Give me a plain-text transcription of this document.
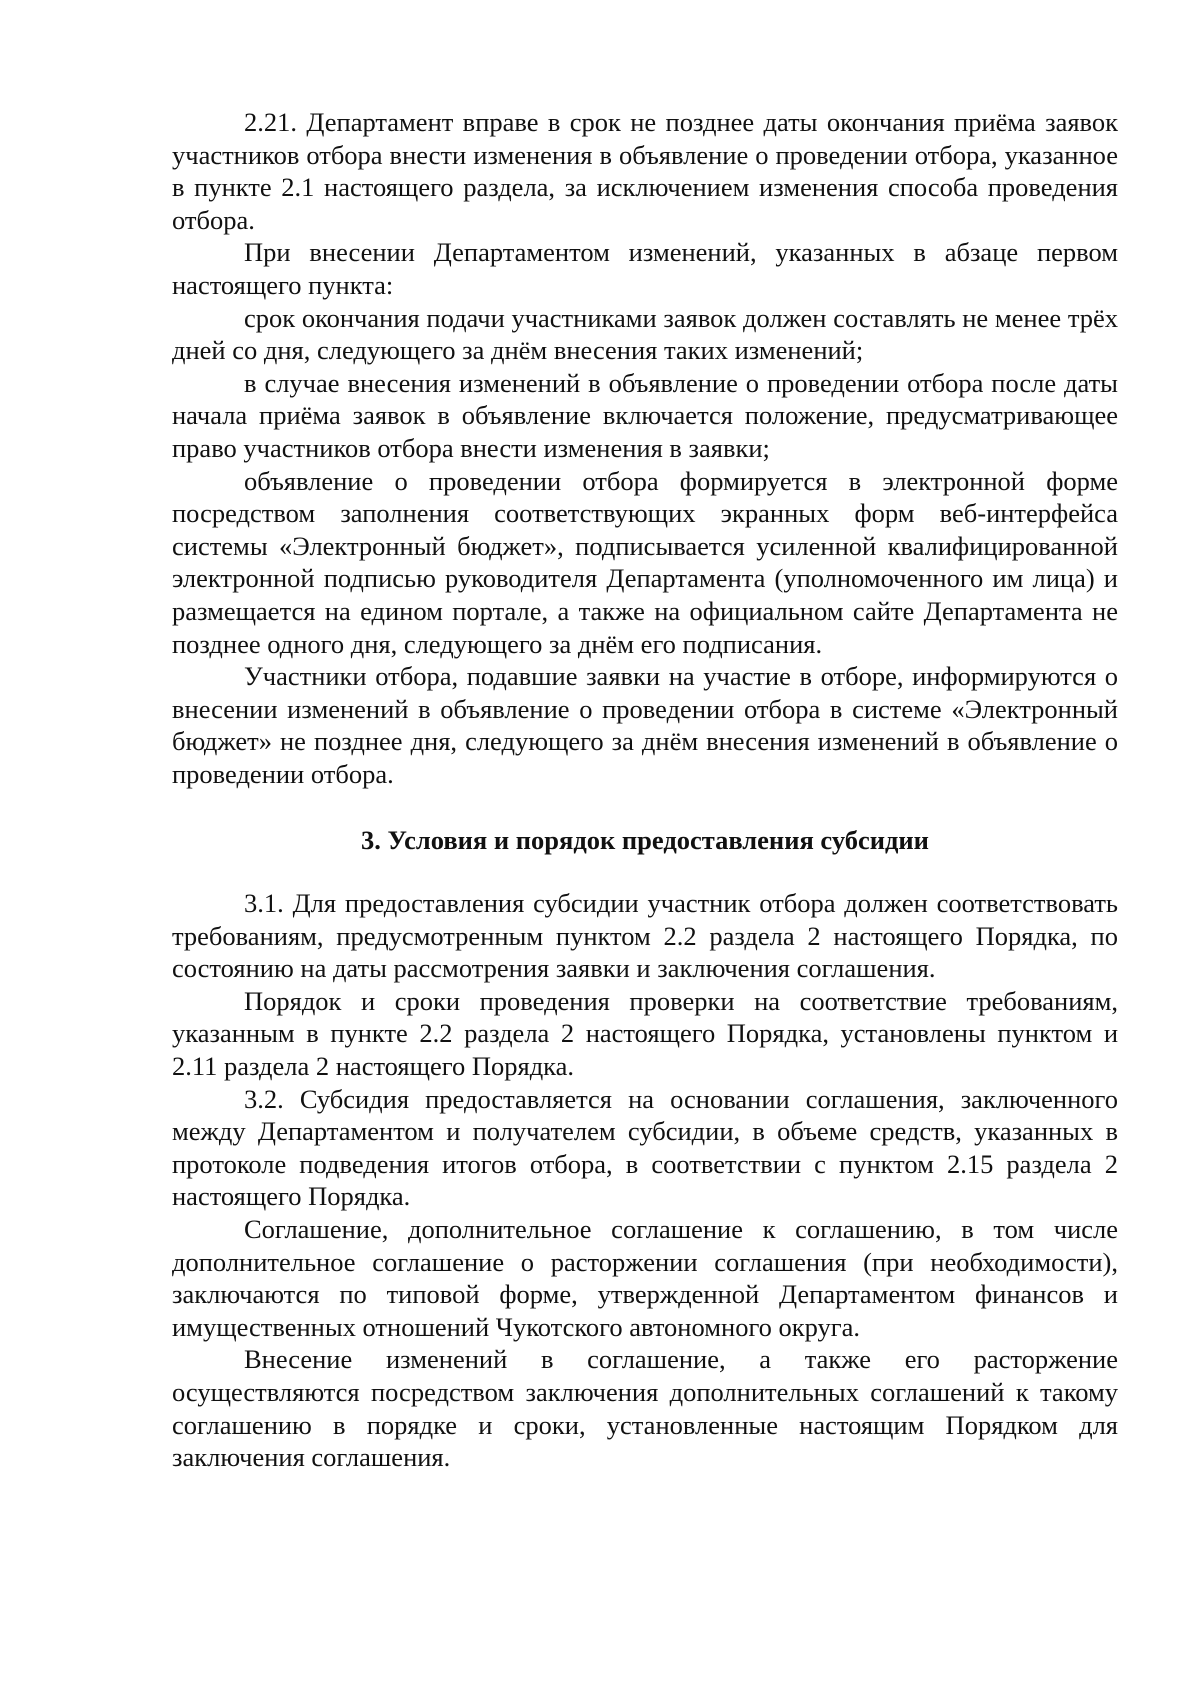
2.21. Департамент вправе в срок не позднее даты окончания приёма заявок участников отбора внести изменения в объявление о проведении отбора, указанное в пункте 2.1 настоящего раздела, за исключением изменения способа проведения отбора.

При внесении Департаментом изменений, указанных в абзаце первом настоящего пункта:

срок окончания подачи участниками заявок должен составлять не менее трёх дней со дня, следующего за днём внесения таких изменений;

в случае внесения изменений в объявление о проведении отбора после даты начала приёма заявок в объявление включается положение, предусматривающее право участников отбора внести изменения в заявки;

объявление о проведении отбора формируется в электронной форме посредством заполнения соответствующих экранных форм веб-интерфейса системы «Электронный бюджет», подписывается усиленной квалифицированной электронной подписью руководителя Департамента (уполномоченного им лица) и размещается на едином портале, а также на официальном сайте Департамента не позднее одного дня, следующего за днём его подписания.

Участники отбора, подавшие заявки на участие в отборе, информируются о внесении изменений в объявление о проведении отбора в системе «Электронный бюджет» не позднее дня, следующего за днём внесения изменений в объявление о проведении отбора.

3. Условия и порядок предоставления субсидии

3.1. Для предоставления субсидии участник отбора должен соответствовать требованиям, предусмотренным пунктом 2.2 раздела 2 настоящего Порядка, по состоянию на даты рассмотрения заявки и заключения соглашения.

Порядок и сроки проведения проверки на соответствие требованиям, указанным в пункте 2.2 раздела 2 настоящего Порядка, установлены пунктом и 2.11 раздела 2 настоящего Порядка.

3.2. Субсидия предоставляется на основании соглашения, заключенного между Департаментом и получателем субсидии, в объеме средств, указанных в протоколе подведения итогов отбора, в соответствии с пунктом 2.15 раздела 2 настоящего Порядка.

Соглашение, дополнительное соглашение к соглашению, в том числе дополнительное соглашение о расторжении соглашения (при необходимости), заключаются по типовой форме, утвержденной Департаментом финансов и имущественных отношений Чукотского автономного округа.

Внесение изменений в соглашение, а также его расторжение осуществляются посредством заключения дополнительных соглашений к такому соглашению в порядке и сроки, установленные настоящим Порядком для заключения соглашения.
